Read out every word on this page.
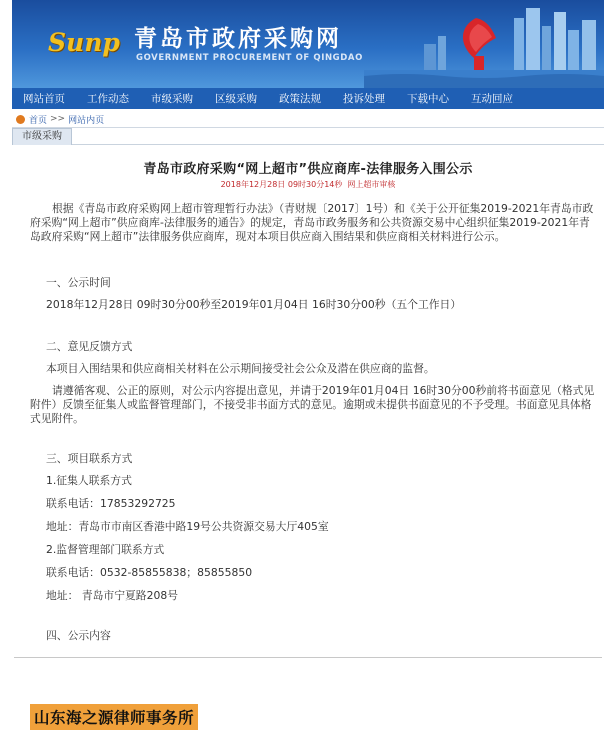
Sunp 青岛市政府采购网
GOVERNMENT PROCUREMENT OF QINGDAO
网站首页 工作动态 市级采购 区级采购 政策法规 投诉处理 下载中心 互动回应
首页 >> 网站内页
市级采购
青岛市政府采购“网上超市”供应商库-法律服务入围公示
2018年12月28日 09时30分14秒 网上超市审核

根据《青岛市政府采购网上超市管理暂行办法》（青财规〔2017〕1号）和《关于公开征集2019-2021年青岛市政府采购“网上超市”供应商库-法律服务的通告》的规定，青岛市政务服务和公共资源交易中心组织征集2019-2021年青岛政府采购“网上超市”法律服务供应商库，现对本项目供应商入围结果和供应商相关材料进行公示。

一、公示时间

2018年12月28日 09时30分00秒至2019年01月04日 16时30分00秒（五个工作日）

二、意见反馈方式

本项目入围结果和供应商相关材料在公示期间接受社会公众及潜在供应商的监督。

请遵循客观、公正的原则，对公示内容提出意见，并请于2019年01月04日 16时30分00秒前将书面意见（格式见附件）反馈至征集人或监督管理部门，不接受非书面方式的意见。逾期或未提供书面意见的不予受理。书面意见具体格式见附件。

三、项目联系方式

1.征集人联系方式

联系电话：17853292725

地址：青岛市市南区香港中路19号公共资源交易大厅405室

2.监督管理部门联系方式

联系电话：0532-85855838；85855850

地址： 青岛市宁夏路208号

四、公示内容

山东海之源律师事务所
